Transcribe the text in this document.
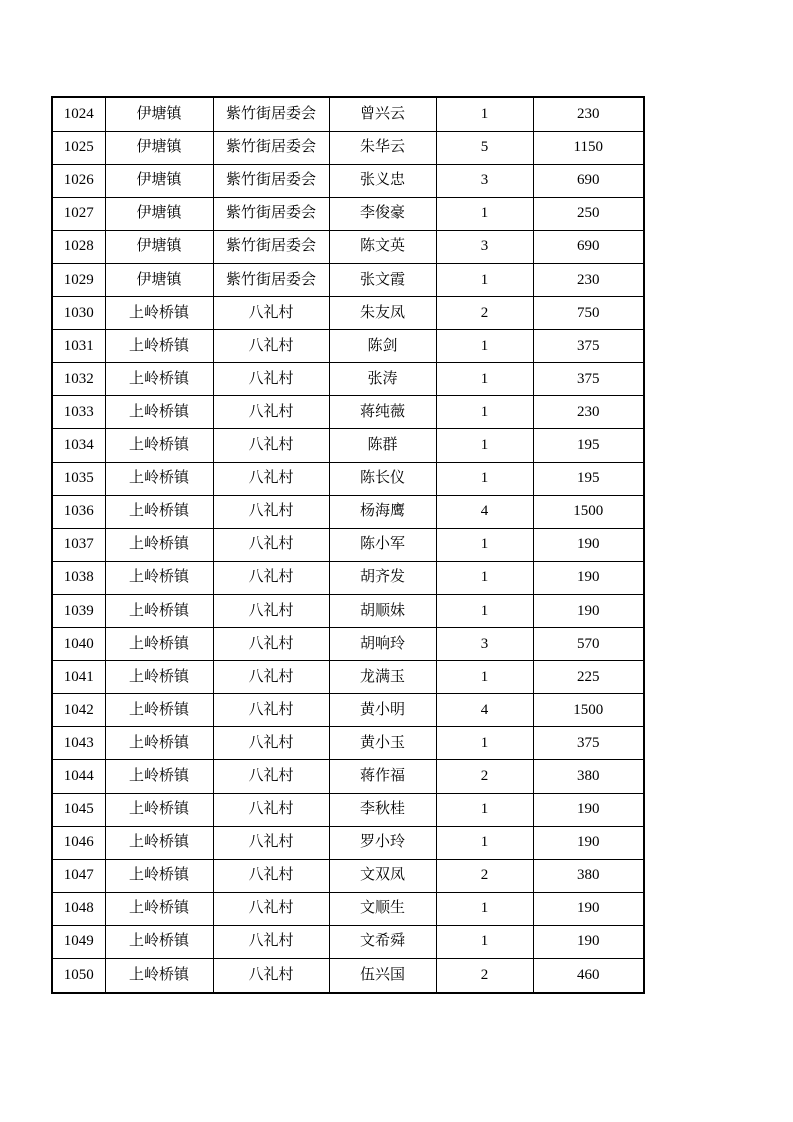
1024	伊塘镇	紫竹街居委会	曾兴云	1	230
1025	伊塘镇	紫竹街居委会	朱华云	5	1150
1026	伊塘镇	紫竹街居委会	张义忠	3	690
1027	伊塘镇	紫竹街居委会	李俊豪	1	250
1028	伊塘镇	紫竹街居委会	陈文英	3	690
1029	伊塘镇	紫竹街居委会	张文霞	1	230
1030	上岭桥镇	八礼村	朱友凤	2	750
1031	上岭桥镇	八礼村	陈剑	1	375
1032	上岭桥镇	八礼村	张涛	1	375
1033	上岭桥镇	八礼村	蒋纯薇	1	230
1034	上岭桥镇	八礼村	陈群	1	195
1035	上岭桥镇	八礼村	陈长仪	1	195
1036	上岭桥镇	八礼村	杨海鹰	4	1500
1037	上岭桥镇	八礼村	陈小军	1	190
1038	上岭桥镇	八礼村	胡齐发	1	190
1039	上岭桥镇	八礼村	胡顺妹	1	190
1040	上岭桥镇	八礼村	胡响玲	3	570
1041	上岭桥镇	八礼村	龙满玉	1	225
1042	上岭桥镇	八礼村	黄小明	4	1500
1043	上岭桥镇	八礼村	黄小玉	1	375
1044	上岭桥镇	八礼村	蒋作福	2	380
1045	上岭桥镇	八礼村	李秋桂	1	190
1046	上岭桥镇	八礼村	罗小玲	1	190
1047	上岭桥镇	八礼村	文双凤	2	380
1048	上岭桥镇	八礼村	文顺生	1	190
1049	上岭桥镇	八礼村	文希舜	1	190
1050	上岭桥镇	八礼村	伍兴国	2	460
